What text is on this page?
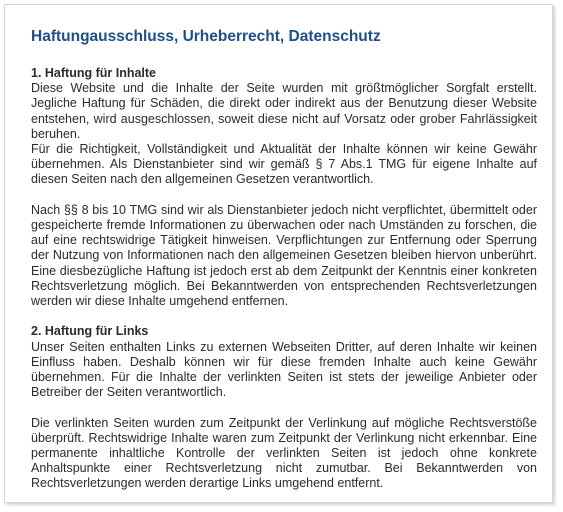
Haftungausschluss, Urheberrecht, Datenschutz
1. Haftung für Inhalte

Diese Website und die Inhalte der Seite wurden mit größtmöglicher Sorgfalt erstellt. Jegliche Haftung für Schäden, die direkt oder indirekt aus der Benutzung dieser Website entstehen, wird ausgeschlossen, soweit diese nicht auf Vorsatz oder grober Fahrlässigkeit beruhen.

Für die Richtigkeit, Vollständigkeit und Aktualität der Inhalte können wir keine Gewähr übernehmen. Als Dienstanbieter sind wir gemäß § 7 Abs.1 TMG für eigene Inhalte auf diesen Seiten nach den allgemeinen Gesetzen verantwortlich.

Nach §§ 8 bis 10 TMG sind wir als Dienstanbieter jedoch nicht verpflichtet, übermittelt oder gespeicherte fremde Informationen zu überwachen oder nach Umständen zu forschen, die auf eine rechtswidrige Tätigkeit hinweisen. Verpflichtungen zur Entfernung oder Sperrung der Nutzung von Informationen nach den allgemeinen Gesetzen bleiben hiervon unberührt. Eine diesbezügliche Haftung ist jedoch erst ab dem Zeitpunkt der Kenntnis einer konkreten Rechtsverletzung möglich. Bei Bekanntwerden von entsprechenden Rechtsverletzungen werden wir diese Inhalte umgehend entfernen.

2. Haftung für Links

Unser Seiten enthalten Links zu externen Webseiten Dritter, auf deren Inhalte wir keinen Einfluss haben. Deshalb können wir für diese fremden Inhalte auch keine Gewähr übernehmen. Für die Inhalte der verlinkten Seiten ist stets der jeweilige Anbieter oder Betreiber der Seiten verantwortlich.

Die verlinkten Seiten wurden zum Zeitpunkt der Verlinkung auf mögliche Rechtsverstöße überprüft. Rechtswidrige Inhalte waren zum Zeitpunkt der Verlinkung nicht erkennbar. Eine permanente inhaltliche Kontrolle der verlinkten Seiten ist jedoch ohne konkrete Anhaltspunkte einer Rechtsverletzung nicht zumutbar. Bei Bekanntwerden von Rechtsverletzungen werden derartige Links umgehend entfernt.
